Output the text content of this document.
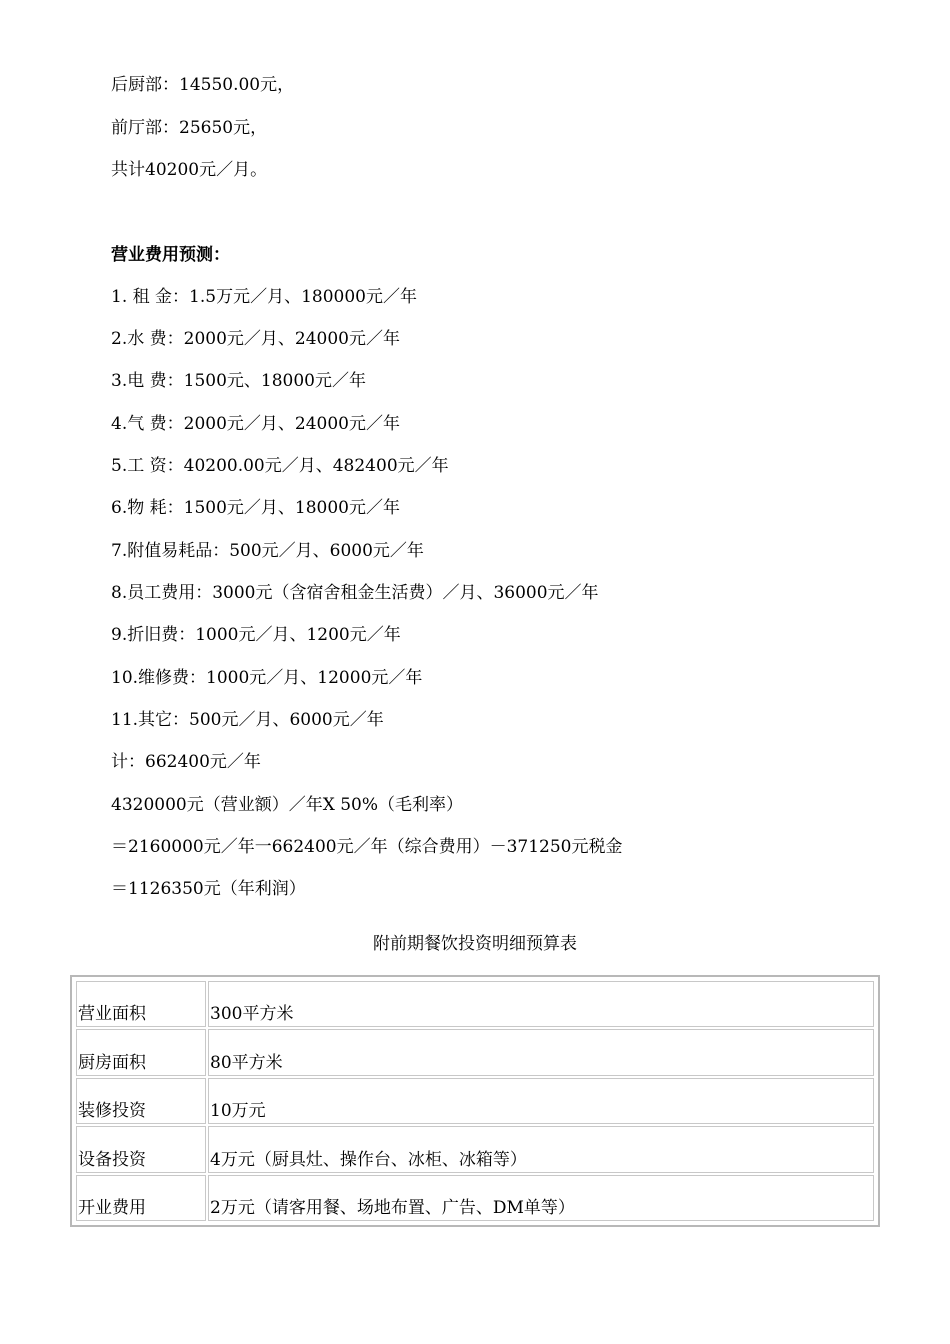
后厨部：14550.00元，
前厅部：25650元，
共计40200元／月。
营业费用预测：
1. 租 金：1.5万元／月、180000元／年
2.水 费：2000元／月、24000元／年
3.电 费：1500元、18000元／年
4.气 费：2000元／月、24000元／年
5.工 资：40200.00元／月、482400元／年
6.物 耗：1500元／月、18000元／年
7.附值易耗品：500元／月、6000元／年
8.员工费用：3000元（含宿舍租金生活费）／月、36000元／年
9.折旧费：1000元／月、1200元／年
10.维修费：1000元／月、12000元／年
11.其它：500元／月、6000元／年
计：662400元／年
4320000元（营业额）／年X 50%（毛利率）
＝2160000元／年一662400元／年（综合费用）－371250元税金
＝1126350元（年利润）
附前期餐饮投资明细预算表
营业面积	300平方米
厨房面积	80平方米
装修投资	10万元
设备投资	4万元（厨具灶、操作台、冰柜、冰箱等）
开业费用	2万元（请客用餐、场地布置、广告、DM单等）
